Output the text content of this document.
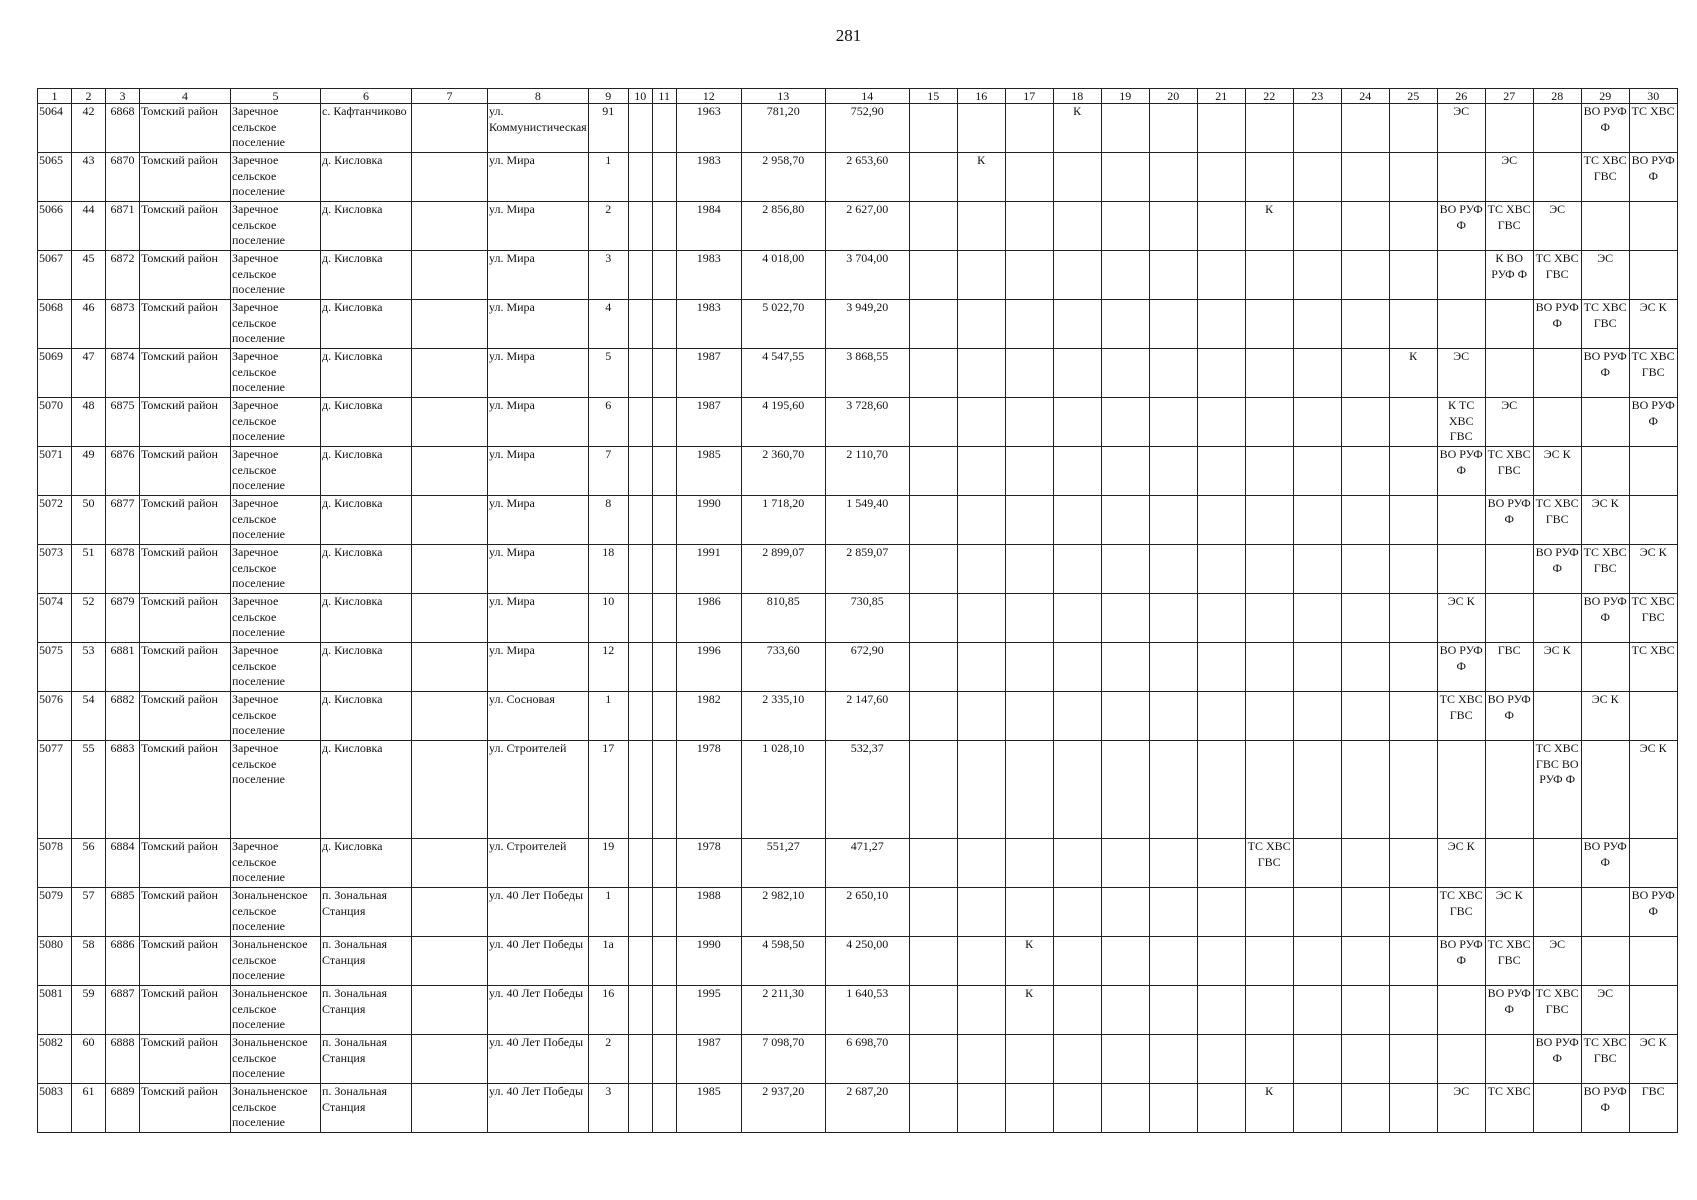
281
1	2	3	4	5	6	7	8	9	10	11	12	13	14	15	16	17	18	19	20	21	22	23	24	25	26	27	28	29	30
5064	42	6868	Томский район	Заречное сельское поселение	с. Кафтанчиково		ул. Коммунистическая	91			1963	781,20	752,90				К								ЭС			ВО РУФ Ф	ТС ХВС
5065	43	6870	Томский район	Заречное сельское поселение	д. Кисловка		ул. Мира	1			1983	2 958,70	2 653,60		К											ЭС		ТС ХВС ГВС	ВО РУФ Ф
5066	44	6871	Томский район	Заречное сельское поселение	д. Кисловка		ул. Мира	2			1984	2 856,80	2 627,00								К				ВО РУФ Ф	ТС ХВС ГВС	ЭС		
5067	45	6872	Томский район	Заречное сельское поселение	д. Кисловка		ул. Мира	3			1983	4 018,00	3 704,00													К ВО РУФ Ф	ТС ХВС ГВС	ЭС	
5068	46	6873	Томский район	Заречное сельское поселение	д. Кисловка		ул. Мира	4			1983	5 022,70	3 949,20														ВО РУФ Ф	ТС ХВС ГВС	ЭС К
5069	47	6874	Томский район	Заречное сельское поселение	д. Кисловка		ул. Мира	5			1987	4 547,55	3 868,55											К	ЭС			ВО РУФ Ф	ТС ХВС ГВС
5070	48	6875	Томский район	Заречное сельское поселение	д. Кисловка		ул. Мира	6			1987	4 195,60	3 728,60												К ТС ХВС ГВС	ЭС			ВО РУФ Ф
5071	49	6876	Томский район	Заречное сельское поселение	д. Кисловка		ул. Мира	7			1985	2 360,70	2 110,70												ВО РУФ Ф	ТС ХВС ГВС	ЭС К		
5072	50	6877	Томский район	Заречное сельское поселение	д. Кисловка		ул. Мира	8			1990	1 718,20	1 549,40													ВО РУФ Ф	ТС ХВС ГВС	ЭС К	
5073	51	6878	Томский район	Заречное сельское поселение	д. Кисловка		ул. Мира	18			1991	2 899,07	2 859,07														ВО РУФ Ф	ТС ХВС ГВС	ЭС К
5074	52	6879	Томский район	Заречное сельское поселение	д. Кисловка		ул. Мира	10			1986	810,85	730,85												ЭС К			ВО РУФ Ф	ТС ХВС ГВС
5075	53	6881	Томский район	Заречное сельское поселение	д. Кисловка		ул. Мира	12			1996	733,60	672,90												ВО РУФ Ф	ГВС	ЭС К		ТС ХВС
5076	54	6882	Томский район	Заречное сельское поселение	д. Кисловка		ул. Сосновая	1			1982	2 335,10	2 147,60												ТС ХВС ГВС	ВО РУФ Ф		ЭС К	
5077	55	6883	Томский район	Заречное сельское поселение	д. Кисловка		ул. Строителей	17			1978	1 028,10	532,37														ТС ХВС ГВС ВО РУФ Ф		ЭС К
5078	56	6884	Томский район	Заречное сельское поселение	д. Кисловка		ул. Строителей	19			1978	551,27	471,27								ТС ХВС ГВС				ЭС К			ВО РУФ Ф	
5079	57	6885	Томский район	Зональненское сельское поселение	п. Зональная Станция		ул. 40 Лет Победы	1			1988	2 982,10	2 650,10												ТС ХВС ГВС	ЭС К			ВО РУФ Ф
5080	58	6886	Томский район	Зональненское сельское поселение	п. Зональная Станция		ул. 40 Лет Победы	1а			1990	4 598,50	4 250,00			К									ВО РУФ Ф	ТС ХВС ГВС	ЭС		
5081	59	6887	Томский район	Зональненское сельское поселение	п. Зональная Станция		ул. 40 Лет Победы	16			1995	2 211,30	1 640,53			К										ВО РУФ Ф	ТС ХВС ГВС	ЭС	
5082	60	6888	Томский район	Зональненское сельское поселение	п. Зональная Станция		ул. 40 Лет Победы	2			1987	7 098,70	6 698,70														ВО РУФ Ф	ТС ХВС ГВС	ЭС К
5083	61	6889	Томский район	Зональненское сельское поселение	п. Зональная Станция		ул. 40 Лет Победы	3			1985	2 937,20	2 687,20								К				ЭС	ТС ХВС		ВО РУФ Ф	ГВС
